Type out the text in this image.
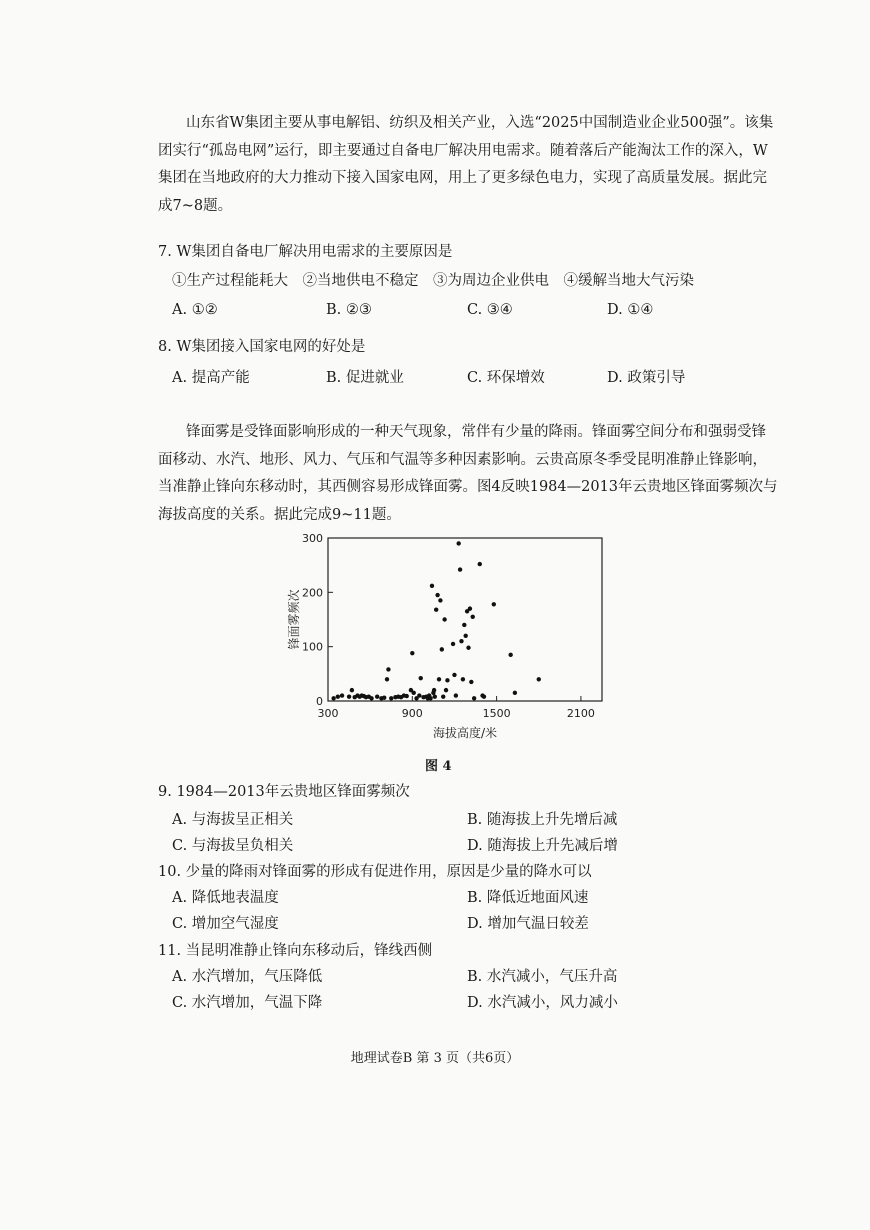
山东省W集团主要从事电解铝、纺织及相关产业，入选“2025中国制造业企业500强”。该集团实行“孤岛电网”运行，即主要通过自备电厂解决用电需求。随着落后产能淘汰工作的深入，W集团在当地政府的大力推动下接入国家电网，用上了更多绿色电力，实现了高质量发展。据此完成7~8题。

7. W集团自备电厂解决用电需求的主要原因是
①生产过程能耗大　②当地供电不稳定　③为周边企业供电　④缓解当地大气污染
A. ①②	B. ②③	C. ③④	D. ①④
8. W集团接入国家电网的好处是
A. 提高产能	B. 促进就业	C. 环保增效	D. 政策引导

锋面雾是受锋面影响形成的一种天气现象，常伴有少量的降雨。锋面雾空间分布和强弱受锋面移动、水汽、地形、风力、气压和气温等多种因素影响。云贵高原冬季受昆明准静止锋影响，当准静止锋向东移动时，其西侧容易形成锋面雾。图4反映1984—2013年云贵地区锋面雾频次与海拔高度的关系。据此完成9~11题。

0
100
200
300
300	900	1500	2100
海拔高度/米
锋面雾频次
图 4
9. 1984—2013年云贵地区锋面雾频次
A. 与海拔呈正相关	B. 随海拔上升先增后减
C. 与海拔呈负相关	D. 随海拔上升先减后增
10. 少量的降雨对锋面雾的形成有促进作用，原因是少量的降水可以
A. 降低地表温度	B. 降低近地面风速
C. 增加空气湿度	D. 增加气温日较差
11. 当昆明准静止锋向东移动后，锋线西侧
A. 水汽增加，气压降低	B. 水汽减小，气压升高
C. 水汽增加，气温下降	D. 水汽减小，风力减小
地理试卷B 第 3 页（共6页）
